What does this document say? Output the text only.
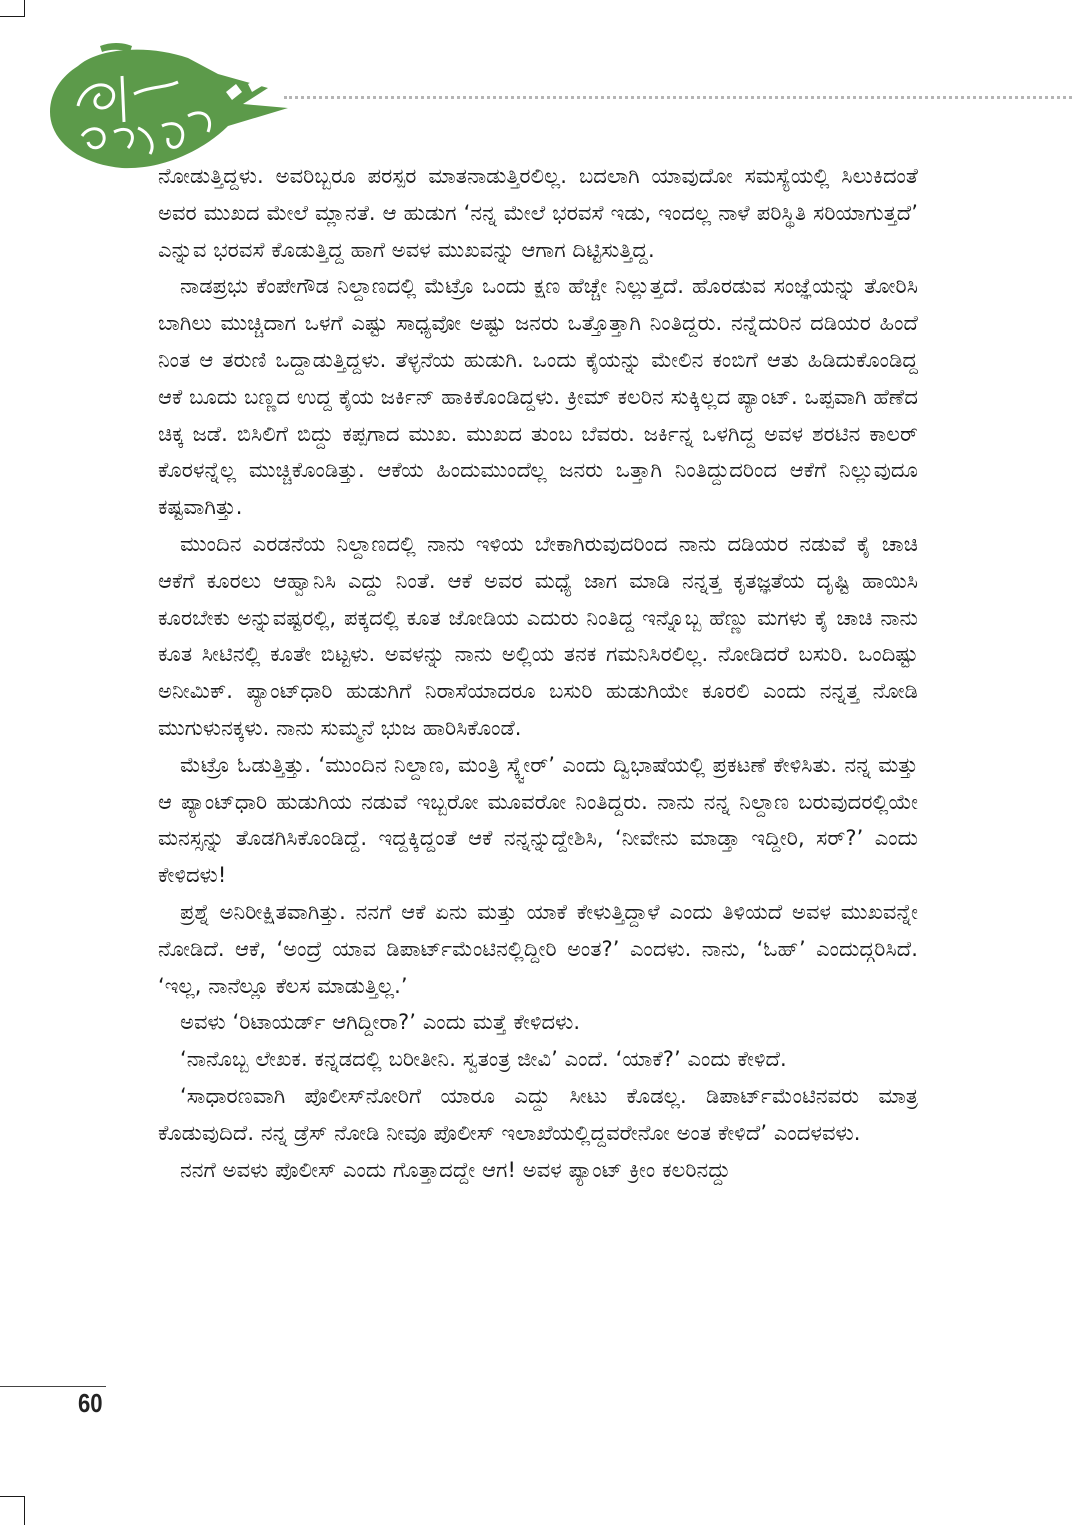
ನೋಡುತ್ತಿದ್ದಳು. ಅವರಿಬ್ಬರೂ ಪರಸ್ಪರ ಮಾತನಾಡುತ್ತಿರಲಿಲ್ಲ. ಬದಲಾಗಿ ಯಾವುದೋ ಸಮಸ್ಯೆಯಲ್ಲಿ ಸಿಲುಕಿದಂತೆ ಅವರ ಮುಖದ ಮೇಲೆ ಮ್ಲಾನತೆ. ಆ ಹುಡುಗ ‘ನನ್ನ ಮೇಲೆ ಭರವಸೆ ಇಡು, ಇಂದಲ್ಲ ನಾಳೆ ಪರಿಸ್ಥಿತಿ ಸರಿಯಾಗುತ್ತದೆ’ ಎನ್ನುವ ಭರವಸೆ ಕೊಡುತ್ತಿದ್ದ ಹಾಗೆ ಅವಳ ಮುಖವನ್ನು ಆಗಾಗ ದಿಟ್ಟಿಸುತ್ತಿದ್ದ.

ನಾಡಪ್ರಭು ಕೆಂಪೇಗೌಡ ನಿಲ್ದಾಣದಲ್ಲಿ ಮೆಟ್ರೊ ಒಂದು ಕ್ಷಣ ಹೆಚ್ಚೇ ನಿಲ್ಲುತ್ತದೆ. ಹೊರಡುವ ಸಂಜ್ಞೆಯನ್ನು ತೋರಿಸಿ ಬಾಗಿಲು ಮುಚ್ಚಿದಾಗ ಒಳಗೆ ಎಷ್ಟು ಸಾಧ್ಯವೋ ಅಷ್ಟು ಜನರು ಒತ್ತೊತ್ತಾಗಿ ನಿಂತಿದ್ದರು. ನನ್ನೆದುರಿನ ದಡಿಯರ ಹಿಂದೆ ನಿಂತ ಆ ತರುಣಿ ಒದ್ದಾಡುತ್ತಿದ್ದಳು. ತೆಳ್ಳನೆಯ ಹುಡುಗಿ. ಒಂದು ಕೈಯನ್ನು ಮೇಲಿನ ಕಂಬಿಗೆ ಆತು ಹಿಡಿದುಕೊಂಡಿದ್ದ ಆಕೆ ಬೂದು ಬಣ್ಣದ ಉದ್ದ ಕೈಯ ಜರ್ಕಿನ್ ಹಾಕಿಕೊಂಡಿದ್ದಳು. ಕ್ರೀಮ್ ಕಲರಿನ ಸುಕ್ಕಿಲ್ಲದ ಪ್ಯಾಂಟ್. ಒಪ್ಪವಾಗಿ ಹೆಣೆದ ಚಿಕ್ಕ ಜಡೆ. ಬಿಸಿಲಿಗೆ ಬಿದ್ದು ಕಪ್ಪಗಾದ ಮುಖ. ಮುಖದ ತುಂಬ ಬೆವರು. ಜರ್ಕಿನ್ನ ಒಳಗಿದ್ದ ಅವಳ ಶರಟಿನ ಕಾಲರ್ ಕೊರಳನ್ನೆಲ್ಲ ಮುಚ್ಚಿಕೊಂಡಿತ್ತು. ಆಕೆಯ ಹಿಂದುಮುಂದೆಲ್ಲ ಜನರು ಒತ್ತಾಗಿ ನಿಂತಿದ್ದುದರಿಂದ ಆಕೆಗೆ ನಿಲ್ಲುವುದೂ ಕಷ್ಟವಾಗಿತ್ತು.

ಮುಂದಿನ ಎರಡನೆಯ ನಿಲ್ದಾಣದಲ್ಲಿ ನಾನು ಇಳಿಯ ಬೇಕಾಗಿರುವುದರಿಂದ ನಾನು ದಡಿಯರ ನಡುವೆ ಕೈ ಚಾಚಿ ಆಕೆಗೆ ಕೂರಲು ಆಹ್ವಾನಿಸಿ ಎದ್ದು ನಿಂತೆ. ಆಕೆ ಅವರ ಮಧ್ಯೆ ಜಾಗ ಮಾಡಿ ನನ್ನತ್ತ ಕೃತಜ್ಞತೆಯ ದೃಷ್ಟಿ ಹಾಯಿಸಿ ಕೂರಬೇಕು ಅನ್ನುವಷ್ಟರಲ್ಲಿ, ಪಕ್ಕದಲ್ಲಿ ಕೂತ ಜೋಡಿಯ ಎದುರು ನಿಂತಿದ್ದ ಇನ್ನೊಬ್ಬ ಹೆಣ್ಣು ಮಗಳು ಕೈ ಚಾಚಿ ನಾನು ಕೂತ ಸೀಟಿನಲ್ಲಿ ಕೂತೇ ಬಿಟ್ಟಳು. ಅವಳನ್ನು ನಾನು ಅಲ್ಲಿಯ ತನಕ ಗಮನಿಸಿರಲಿಲ್ಲ. ನೋಡಿದರೆ ಬಸುರಿ. ಒಂದಿಷ್ಟು ಅನೀಮಿಕ್. ಪ್ಯಾಂಟ್‌ಧಾರಿ ಹುಡುಗಿಗೆ ನಿರಾಸೆಯಾದರೂ ಬಸುರಿ ಹುಡುಗಿಯೇ ಕೂರಲಿ ಎಂದು ನನ್ನತ್ತ ನೋಡಿ ಮುಗುಳುನಕ್ಕಳು. ನಾನು ಸುಮ್ಮನೆ ಭುಜ ಹಾರಿಸಿಕೊಂಡೆ.

ಮೆಟ್ರೊ ಓಡುತ್ತಿತ್ತು. ‘ಮುಂದಿನ ನಿಲ್ದಾಣ, ಮಂತ್ರಿ ಸ್ಕ್ವೇರ್’ ಎಂದು ದ್ವಿಭಾಷೆಯಲ್ಲಿ ಪ್ರಕಟಣೆ ಕೇಳಿಸಿತು. ನನ್ನ ಮತ್ತು ಆ ಪ್ಯಾಂಟ್‌ಧಾರಿ ಹುಡುಗಿಯ ನಡುವೆ ಇಬ್ಬರೋ ಮೂವರೋ ನಿಂತಿದ್ದರು. ನಾನು ನನ್ನ ನಿಲ್ದಾಣ ಬರುವುದರಲ್ಲಿಯೇ ಮನಸ್ಸನ್ನು ತೊಡಗಿಸಿಕೊಂಡಿದ್ದೆ. ಇದ್ದಕ್ಕಿದ್ದಂತೆ ಆಕೆ ನನ್ನನ್ನುದ್ದೇಶಿಸಿ, ‘ನೀವೇನು ಮಾಡ್ತಾ ಇದ್ದೀರಿ, ಸರ್?’ ಎಂದು ಕೇಳಿದಳು!

ಪ್ರಶ್ನೆ ಅನಿರೀಕ್ಷಿತವಾಗಿತ್ತು. ನನಗೆ ಆಕೆ ಏನು ಮತ್ತು ಯಾಕೆ ಕೇಳುತ್ತಿದ್ದಾಳೆ ಎಂದು ತಿಳಿಯದೆ ಅವಳ ಮುಖವನ್ನೇ ನೋಡಿದೆ. ಆಕೆ, ‘ಅಂದ್ರೆ ಯಾವ ಡಿಪಾರ್ಟ್‌ಮೆಂಟಿನಲ್ಲಿದ್ದೀರಿ ಅಂತ?’ ಎಂದಳು. ನಾನು, ‘ಓಹ್’ ಎಂದುದ್ಗರಿಸಿದೆ. ‘ಇಲ್ಲ, ನಾನೆಲ್ಲೂ ಕೆಲಸ ಮಾಡುತ್ತಿಲ್ಲ.’

ಅವಳು ‘ರಿಟಾಯರ್ಡ್ ಆಗಿದ್ದೀರಾ?’ ಎಂದು ಮತ್ತೆ ಕೇಳಿದಳು.

‘ನಾನೊಬ್ಬ ಲೇಖಕ. ಕನ್ನಡದಲ್ಲಿ ಬರೀತೀನಿ. ಸ್ವತಂತ್ರ ಜೀವಿ’ ಎಂದೆ. ‘ಯಾಕೆ?’ ಎಂದು ಕೇಳಿದೆ.

‘ಸಾಧಾರಣವಾಗಿ ಪೊಲೀಸ್‌ನೋರಿಗೆ ಯಾರೂ ಎದ್ದು ಸೀಟು ಕೊಡಲ್ಲ. ಡಿಪಾರ್ಟ್‌ಮೆಂಟಿನವರು ಮಾತ್ರ ಕೊಡುವುದಿದೆ. ನನ್ನ ಡ್ರೆಸ್ ನೋಡಿ ನೀವೂ ಪೊಲೀಸ್ ಇಲಾಖೆಯಲ್ಲಿದ್ದವರೇನೋ ಅಂತ ಕೇಳಿದೆ’ ಎಂದಳವಳು.

ನನಗೆ ಅವಳು ಪೊಲೀಸ್ ಎಂದು ಗೊತ್ತಾದದ್ದೇ ಆಗ! ಅವಳ ಪ್ಯಾಂಟ್ ಕ್ರೀಂ ಕಲರಿನದ್ದು

60
